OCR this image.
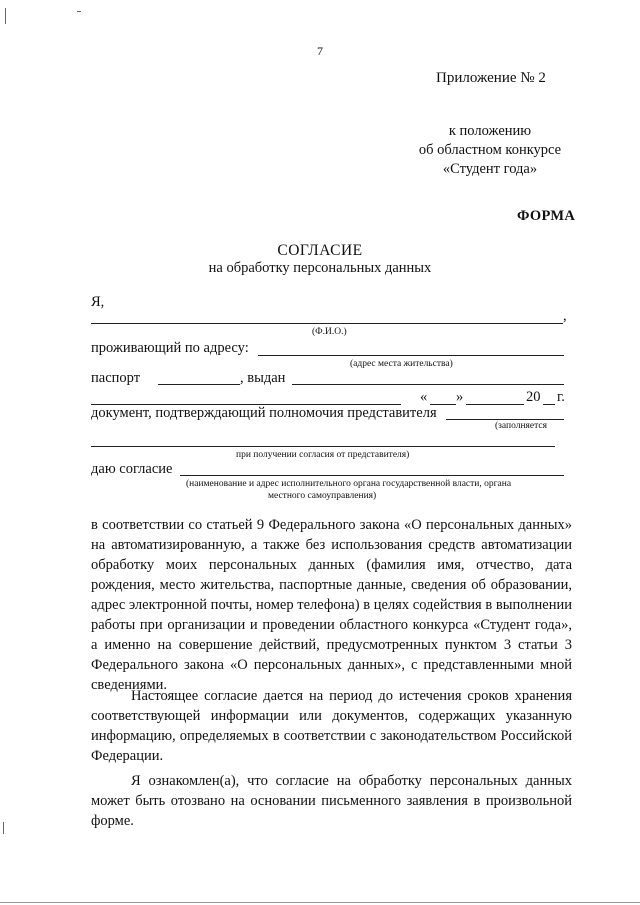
7
Приложение № 2
к положению
об областном конкурсе
«Студент года»
ФОРМА
СОГЛАСИЕ
на обработку персональных данных
Я,
,
(Ф.И.О.)
проживающий по адресу:
(адрес места жительства)
паспорт	, выдан
« »	20 г.
документ, подтверждающий полномочия представителя
(заполняется
при получении согласия от представителя)
даю согласие
(наименование и адрес исполнительного органа государственной власти, органа
местного самоуправления)
в соответствии со статьей 9 Федерального закона «О персональных данных» на автоматизированную, а также без использования средств автоматизации обработку моих персональных данных (фамилия имя, отчество, дата рождения, место жительства, паспортные данные, сведения об образовании, адрес электронной почты, номер телефона) в целях содействия в выполнении работы при организации и проведении областного конкурса «Студент года», а именно на совершение действий, предусмотренных пунктом 3 статьи 3 Федерального закона «О персональных данных», с представленными мной сведениями.
Настоящее согласие дается на период до истечения сроков хранения соответствующей информации или документов, содержащих указанную информацию, определяемых в соответствии с законодательством Российской Федерации.
Я ознакомлен(а), что согласие на обработку персональных данных может быть отозвано на основании письменного заявления в произвольной форме.
